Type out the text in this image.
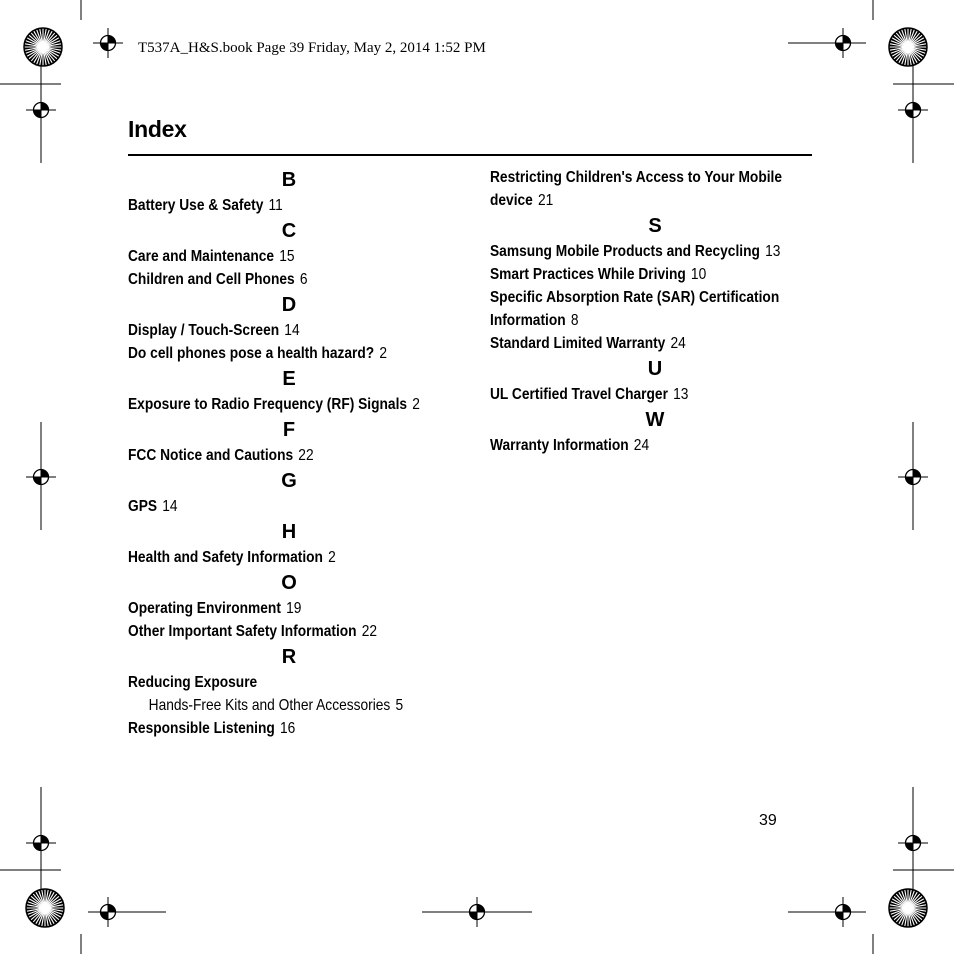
T537A_H&S.book Page 39 Friday, May 2, 2014 1:52 PM
Index
B
Battery Use & Safety 11
C
Care and Maintenance 15
Children and Cell Phones 6
D
Display / Touch-Screen 14
Do cell phones pose a health hazard? 2
E
Exposure to Radio Frequency (RF) Signals 2
F
FCC Notice and Cautions 22
G
GPS 14
H
Health and Safety Information 2
O
Operating Environment 19
Other Important Safety Information 22
R
Reducing Exposure
Hands-Free Kits and Other Accessories 5
Responsible Listening 16
Restricting Children's Access to Your Mobile device 21
S
Samsung Mobile Products and Recycling 13
Smart Practices While Driving 10
Specific Absorption Rate (SAR) Certification Information 8
Standard Limited Warranty 24
U
UL Certified Travel Charger 13
W
Warranty Information 24
39
